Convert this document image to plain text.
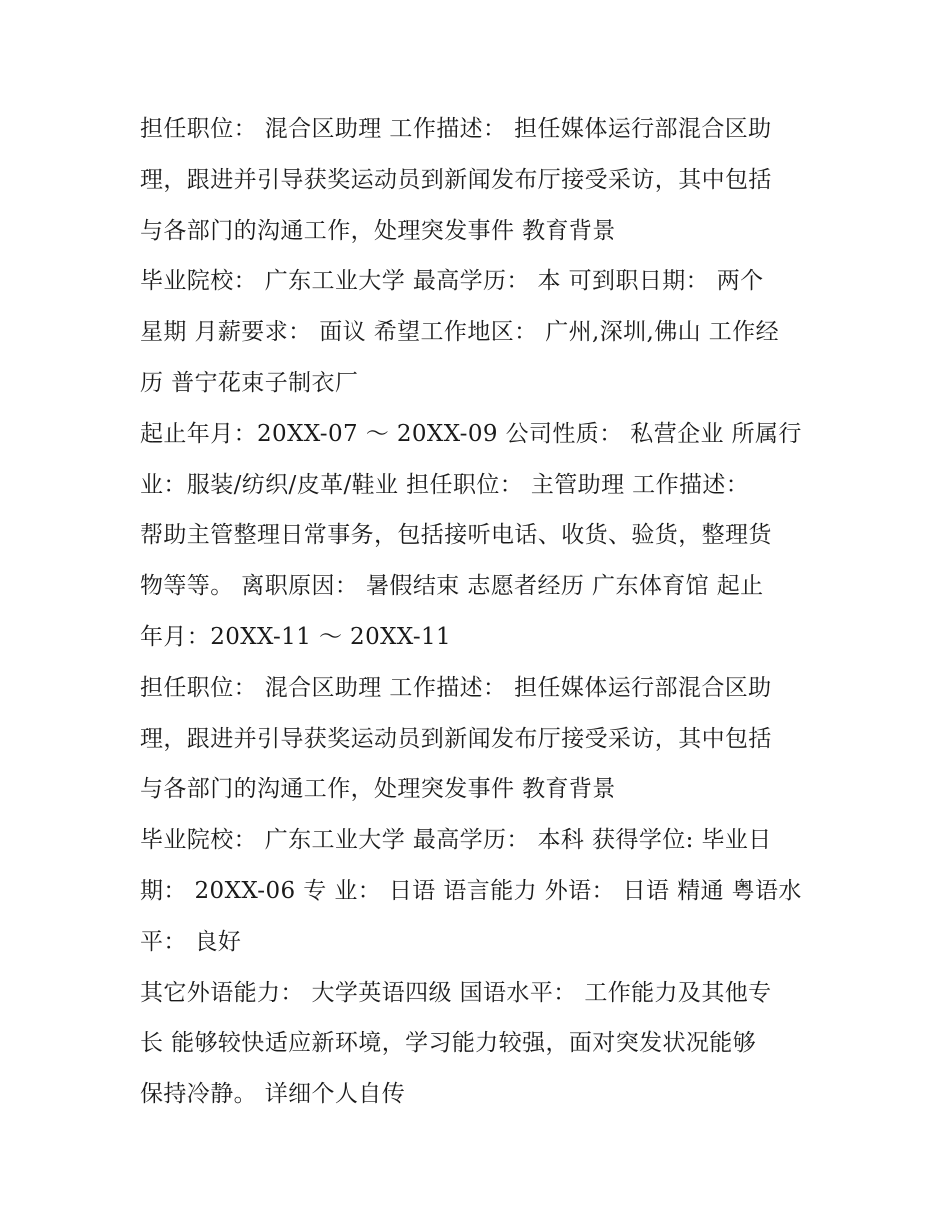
担任职位： 混合区助理 工作描述： 担任媒体运行部混合区助
理，跟进并引导获奖运动员到新闻发布厅接受采访，其中包括
与各部门的沟通工作，处理突发事件 教育背景
毕业院校： 广东工业大学 最高学历： 本 可到职日期： 两个
星期 月薪要求： 面议 希望工作地区： 广州,深圳,佛山 工作经
历 普宁花束子制衣厂
起止年月：20XX-07 ～ 20XX-09 公司性质： 私营企业 所属行
业：服装/纺织/皮革/鞋业 担任职位： 主管助理 工作描述：
帮助主管整理日常事务，包括接听电话、收货、验货，整理货
物等等。 离职原因： 暑假结束 志愿者经历 广东体育馆 起止
年月：20XX-11 ～ 20XX-11
担任职位： 混合区助理 工作描述： 担任媒体运行部混合区助
理，跟进并引导获奖运动员到新闻发布厅接受采访，其中包括
与各部门的沟通工作，处理突发事件 教育背景
毕业院校： 广东工业大学 最高学历： 本科 获得学位: 毕业日
期： 20XX-06 专 业： 日语 语言能力 外语： 日语 精通 粤语水
平： 良好
其它外语能力： 大学英语四级 国语水平： 工作能力及其他专
长 能够较快适应新环境，学习能力较强，面对突发状况能够
保持冷静。 详细个人自传
